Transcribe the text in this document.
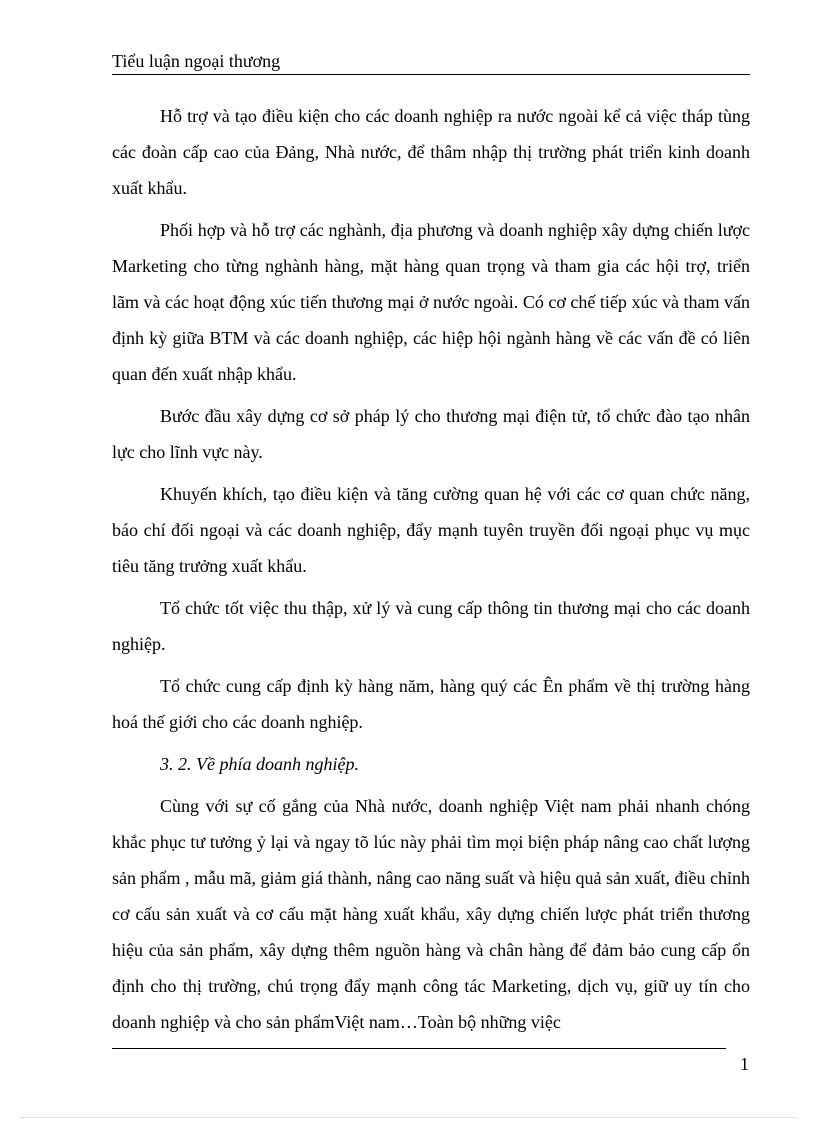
Tiểu luận ngoại thương

Hỗ trợ và tạo điều kiện cho các doanh nghiệp ra nước ngoài kể cả việc tháp tùng các đoàn cấp cao của Đảng, Nhà nước, để thâm nhập thị trường phát triển kinh doanh xuất khẩu.

Phối hợp và hỗ trợ các nghành, địa phương và doanh nghiệp xây dựng chiến lược Marketing cho từng nghành hàng, mặt hàng quan trọng và tham gia các hội trợ, triển lãm và các hoạt động xúc tiến thương mại ở nước ngoài. Có cơ chế tiếp xúc và tham vấn định kỳ giữa BTM và các doanh nghiệp, các hiệp hội ngành hàng về các vấn đề có liên quan đến xuất nhập khẩu.

Bước đầu xây dựng cơ sở pháp lý cho thương mại điện tử, tổ chức đào tạo nhân lực cho lĩnh vực này.

Khuyến khích, tạo điều kiện và tăng cường quan hệ với các cơ quan chức năng, báo chí đối ngoại và các doanh nghiệp, đẩy mạnh tuyên truyền đối ngoại phục vụ mục tiêu tăng trưởng xuất khẩu.

Tổ chức tốt việc thu thập, xử lý và cung cấp thông tin thương mại cho các doanh nghiệp.

Tổ chức cung cấp định kỳ hàng năm, hàng quý các Ên phẩm về thị trường hàng hoá thế giới cho các doanh nghiệp.

3. 2. Về phía doanh nghiệp.

Cùng với sự cố gắng của Nhà nước, doanh nghiệp Việt nam phải nhanh chóng khắc phục tư tưởng ỷ lại và ngay tõ lúc này phải tìm mọi biện pháp nâng cao chất lượng sản phẩm , mẫu mã, giảm giá thành, nâng cao năng suất và hiệu quả sản xuất, điều chỉnh cơ cấu sản xuất và cơ cấu mặt hàng xuất khẩu, xây dựng chiến lược phát triển thương hiệu của sản phẩm, xây dựng thêm nguồn hàng và chân hàng để đảm bảo cung cấp ổn định cho thị trường, chú trọng đẩy mạnh công tác Marketing, dịch vụ, giữ uy tín cho doanh nghiệp và cho sản phẩmViệt nam…Toàn bộ những việc

1
